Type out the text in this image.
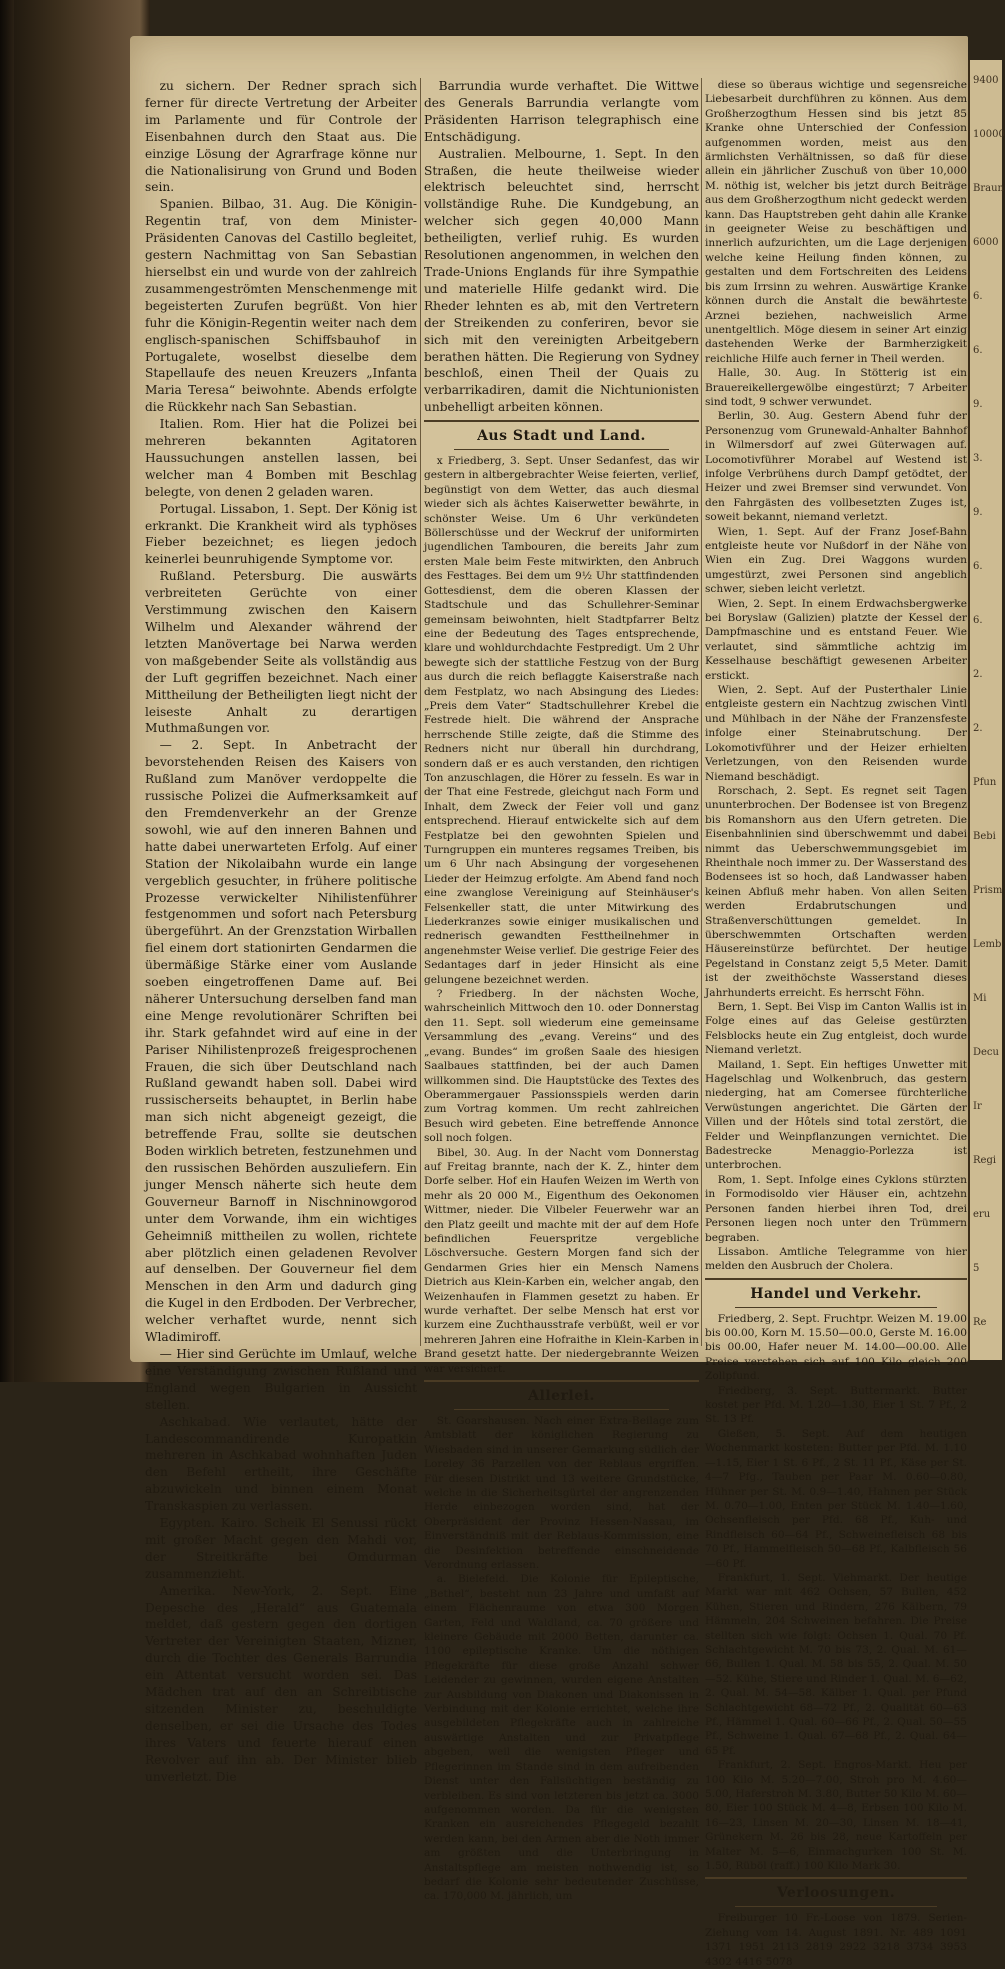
9400
10000
Braun
6000
6.
6.
9.
3.
9.
6.
6.
2.
2.
Pfun
Bebi
Prism
Lemb
Mi
Decu
Ir
Regi
eru
5
Re

zu sichern. Der Redner sprach sich ferner für directe Vertretung der Arbeiter im Parlamente und für Controle der Eisenbahnen durch den Staat aus. Die einzige Lösung der Agrarfrage könne nur die Nationalisirung von Grund und Boden sein.

Spanien. Bilbao, 31. Aug. Die Königin-Regentin traf, von dem Minister-Präsidenten Canovas del Castillo begleitet, gestern Nachmittag von San Sebastian hierselbst ein und wurde von der zahlreich zusammengeströmten Menschenmenge mit begeisterten Zurufen begrüßt. Von hier fuhr die Königin-Regentin weiter nach dem englisch-spanischen Schiffsbauhof in Portugalete, woselbst dieselbe dem Stapellaufe des neuen Kreuzers „Infanta Maria Teresa“ beiwohnte. Abends erfolgte die Rückkehr nach San Sebastian.

Italien. Rom. Hier hat die Polizei bei mehreren bekannten Agitatoren Haussuchungen anstellen lassen, bei welcher man 4 Bomben mit Beschlag belegte, von denen 2 geladen waren.

Portugal. Lissabon, 1. Sept. Der König ist erkrankt. Die Krankheit wird als typhöses Fieber bezeichnet; es liegen jedoch keinerlei beunruhigende Symptome vor.

Rußland. Petersburg. Die auswärts verbreiteten Gerüchte von einer Verstimmung zwischen den Kaisern Wilhelm und Alexander während der letzten Manövertage bei Narwa werden von maßgebender Seite als vollständig aus der Luft gegriffen bezeichnet. Nach einer Mittheilung der Betheiligten liegt nicht der leiseste Anhalt zu derartigen Muthmaßungen vor.

— 2. Sept. In Anbetracht der bevorstehenden Reisen des Kaisers von Rußland zum Manöver verdoppelte die russische Polizei die Aufmerksamkeit auf den Fremdenverkehr an der Grenze sowohl, wie auf den inneren Bahnen und hatte dabei unerwarteten Erfolg. Auf einer Station der Nikolaibahn wurde ein lange vergeblich gesuchter, in frühere politische Prozesse verwickelter Nihilistenführer festgenommen und sofort nach Petersburg übergeführt. An der Grenzstation Wirballen fiel einem dort stationirten Gendarmen die übermäßige Stärke einer vom Auslande soeben eingetroffenen Dame auf. Bei näherer Untersuchung derselben fand man eine Menge revolutionärer Schriften bei ihr. Stark gefahndet wird auf eine in der Pariser Nihilistenprozeß freigesprochenen Frauen, die sich über Deutschland nach Rußland gewandt haben soll. Dabei wird russischerseits behauptet, in Berlin habe man sich nicht abgeneigt gezeigt, die betreffende Frau, sollte sie deutschen Boden wirklich betreten, festzunehmen und den russischen Behörden auszuliefern. Ein junger Mensch näherte sich heute dem Gouverneur Barnoff in Nischninowgorod unter dem Vorwande, ihm ein wichtiges Geheimniß mittheilen zu wollen, richtete aber plötzlich einen geladenen Revolver auf denselben. Der Gouverneur fiel dem Menschen in den Arm und dadurch ging die Kugel in den Erdboden. Der Verbrecher, welcher verhaftet wurde, nennt sich Wladimiroff.

— Hier sind Gerüchte im Umlauf, welche eine Verständigung zwischen Rußland und England wegen Bulgarien in Aussicht stellen.

Aschkabad. Wie verlautet, hätte der Landescommandirende Kuropatkin mehreren in Aschkabad wohnhaften Juden den Befehl ertheilt, ihre Geschäfte abzuwickeln und binnen einem Monat Transkaspien zu verlassen.

Egypten. Kairo. Scheik El Senussi rückt mit großer Macht gegen den Mahdi vor, der Streitkräfte bei Omdurman zusammenzieht.

Amerika. New-York, 2. Sept. Eine Depesche des „Herald“ aus Guatemala meldet, daß gestern gegen den dortigen Vertreter der Vereinigten Staaten, Mizner, durch die Tochter des Generals Barrundia ein Attentat versucht worden sei. Das Mädchen trat auf den an Schreibtische sitzenden Minister zu, beschuldigte denselben, er sei die Ursache des Todes ihres Vaters und feuerte hierauf einen Revolver auf ihn ab. Der Minister blieb unverletzt. Die

Barrundia wurde verhaftet. Die Wittwe des Generals Barrundia verlangte vom Präsidenten Harrison telegraphisch eine Entschädigung.

Australien. Melbourne, 1. Sept. In den Straßen, die heute theilweise wieder elektrisch beleuchtet sind, herrscht vollständige Ruhe. Die Kundgebung, an welcher sich gegen 40,000 Mann betheiligten, verlief ruhig. Es wurden Resolutionen angenommen, in welchen den Trade-Unions Englands für ihre Sympathie und materielle Hilfe gedankt wird. Die Rheder lehnten es ab, mit den Vertretern der Streikenden zu conferiren, bevor sie sich mit den vereinigten Arbeitgebern berathen hätten. Die Regierung von Sydney beschloß, einen Theil der Quais zu verbarrikadiren, damit die Nichtunionisten unbehelligt arbeiten können.

Aus Stadt und Land.

x Friedberg, 3. Sept. Unser Sedanfest, das wir gestern in altbergebrachter Weise feierten, verlief, begünstigt von dem Wetter, das auch diesmal wieder sich als ächtes Kaiserwetter bewährte, in schönster Weise. Um 6 Uhr verkündeten Böllerschüsse und der Weckruf der uniformirten jugendlichen Tambouren, die bereits Jahr zum ersten Male beim Feste mitwirkten, den Anbruch des Festtages. Bei dem um 9½ Uhr stattfindenden Gottesdienst, dem die oberen Klassen der Stadtschule und das Schullehrer-Seminar gemeinsam beiwohnten, hielt Stadtpfarrer Beltz eine der Bedeutung des Tages entsprechende, klare und wohldurchdachte Festpredigt. Um 2 Uhr bewegte sich der stattliche Festzug von der Burg aus durch die reich beflaggte Kaiserstraße nach dem Festplatz, wo nach Absingung des Liedes: „Preis dem Vater“ Stadtschullehrer Krebel die Festrede hielt. Die während der Ansprache herrschende Stille zeigte, daß die Stimme des Redners nicht nur überall hin durchdrang, sondern daß er es auch verstanden, den richtigen Ton anzuschlagen, die Hörer zu fesseln. Es war in der That eine Festrede, gleichgut nach Form und Inhalt, dem Zweck der Feier voll und ganz entsprechend. Hierauf entwickelte sich auf dem Festplatze bei den gewohnten Spielen und Turngruppen ein munteres regsames Treiben, bis um 6 Uhr nach Absingung der vorgesehenen Lieder der Heimzug erfolgte. Am Abend fand noch eine zwanglose Vereinigung auf Steinhäuser's Felsenkeller statt, die unter Mitwirkung des Liederkranzes sowie einiger musikalischen und rednerisch gewandten Festtheilnehmer in angenehmster Weise verlief. Die gestrige Feier des Sedantages darf in jeder Hinsicht als eine gelungene bezeichnet werden.

? Friedberg. In der nächsten Woche, wahrscheinlich Mittwoch den 10. oder Donnerstag den 11. Sept. soll wiederum eine gemeinsame Versammlung des „evang. Vereins“ und des „evang. Bundes“ im großen Saale des hiesigen Saalbaues stattfinden, bei der auch Damen willkommen sind. Die Hauptstücke des Textes des Oberammergauer Passionsspiels werden darin zum Vortrag kommen. Um recht zahlreichen Besuch wird gebeten. Eine betreffende Annonce soll noch folgen.

Bibel, 30. Aug. In der Nacht vom Donnerstag auf Freitag brannte, nach der K. Z., hinter dem Dorfe selber. Hof ein Haufen Weizen im Werth von mehr als 20 000 M., Eigenthum des Oekonomen Wittmer, nieder. Die Vilbeler Feuerwehr war an den Platz geeilt und machte mit der auf dem Hofe befindlichen Feuerspritze vergebliche Löschversuche. Gestern Morgen fand sich der Gendarmen Gries hier ein Mensch Namens Dietrich aus Klein-Karben ein, welcher angab, den Weizenhaufen in Flammen gesetzt zu haben. Er wurde verhaftet. Der selbe Mensch hat erst vor kurzem eine Zuchthausstrafe verbüßt, weil er vor mehreren Jahren eine Hofraithe in Klein-Karben in Brand gesetzt hatte. Der niedergebrannte Weizen war versichert.

Allerlei.

St. Goarshausen. Nach einer Extra-Beilage zum Amtsblatt der königlichen Regierung zu Wiesbaden sind in unserer Gemarkung südlich der Loreley 36 Parzellen von der Reblaus ergriffen. Für diesen Distrikt und 13 weitere Grundstücke, welche in die Sicherheitsgürtel der angrenzenden Herde einbezogen worden sind, hat der Oberpräsident der Provinz Hessen-Nassau, im Einverständniß mit der Reblaus-Kommission, eine die Desinfektion betreffende einschneidende Verordnung erlassen.

a. Bielefeld. Die Kolonie für Epileptische, „Bethel“, besteht nun 23 Jahre und umfaßt auf einem Flächenraume von etwa 300 Morgen Garten, Feld und Waldland, ca. 70 größere und kleinere Gebäude mit 2000 Betten, darunter ca. 1100 epileptische Kranke. Um die nöthigen Pflegekräfte für diese große Anzahl schwer Leidender zu gewinnen, wurden eigene Anstalten zur Ausbildung von Diakonen und Diakonissen in Verbindung mit der Kolonie errichtet, welche ihre ausgebildeten Pflegekräfte auch in zahlreiche auswärtige Anstalten und zur Privatpflege abgeben, weil die wenigsten Pfleger und Pflegerinnen im Stande sind in dem aufreibenden Dienst unter den Fallsüchtigen beständig zu verbleiben. Es sind von letzteren bis jetzt ca. 3000 aufgenommen worden. Da für die wenigsten Kranken ein ausreichendes Pflegegeld bezahlt werden kann, bei den Armen aber die Noth immer am größten und die Unterbringung in Anstaltspflege am meisten nothwendig ist, so bedarf die Kolonie sehr bedeutender Zuschüsse, ca. 170,000 M. jährlich, um

diese so überaus wichtige und segensreiche Liebesarbeit durchführen zu können. Aus dem Großherzogthum Hessen sind bis jetzt 85 Kranke ohne Unterschied der Confession aufgenommen worden, meist aus den ärmlichsten Verhältnissen, so daß für diese allein ein jährlicher Zuschuß von über 10,000 M. nöthig ist, welcher bis jetzt durch Beiträge aus dem Großherzogthum nicht gedeckt werden kann. Das Hauptstreben geht dahin alle Kranke in geeigneter Weise zu beschäftigen und innerlich aufzurichten, um die Lage derjenigen welche keine Heilung finden können, zu gestalten und dem Fortschreiten des Leidens bis zum Irrsinn zu wehren. Auswärtige Kranke können durch die Anstalt die bewährteste Arznei beziehen, nachweislich Arme unentgeltlich. Möge diesem in seiner Art einzig dastehenden Werke der Barmherzigkeit reichliche Hilfe auch ferner in Theil werden.

Halle, 30. Aug. In Stötterig ist ein Brauereikellergewölbe eingestürzt; 7 Arbeiter sind todt, 9 schwer verwundet.

Berlin, 30. Aug. Gestern Abend fuhr der Personenzug vom Grunewald-Anhalter Bahnhof in Wilmersdorf auf zwei Güterwagen auf. Locomotivführer Morabel auf Westend ist infolge Verbrühens durch Dampf getödtet, der Heizer und zwei Bremser sind verwundet. Von den Fahrgästen des vollbesetzten Zuges ist, soweit bekannt, niemand verletzt.

Wien, 1. Sept. Auf der Franz Josef-Bahn entgleiste heute vor Nußdorf in der Nähe von Wien ein Zug. Drei Waggons wurden umgestürzt, zwei Personen sind angeblich schwer, sieben leicht verletzt.

Wien, 2. Sept. In einem Erdwachsbergwerke bei Boryslaw (Galizien) platzte der Kessel der Dampfmaschine und es entstand Feuer. Wie verlautet, sind sämmtliche achtzig im Kesselhause beschäftigt gewesenen Arbeiter erstickt.

Wien, 2. Sept. Auf der Pusterthaler Linie entgleiste gestern ein Nachtzug zwischen Vintl und Mühlbach in der Nähe der Franzensfeste infolge einer Steinabrutschung. Der Lokomotivführer und der Heizer erhielten Verletzungen, von den Reisenden wurde Niemand beschädigt.

Rorschach, 2. Sept. Es regnet seit Tagen ununterbrochen. Der Bodensee ist von Bregenz bis Romanshorn aus den Ufern getreten. Die Eisenbahnlinien sind überschwemmt und dabei nimmt das Ueberschwemmungsgebiet im Rheinthale noch immer zu. Der Wasserstand des Bodensees ist so hoch, daß Landwasser haben keinen Abfluß mehr haben. Von allen Seiten werden Erdabrutschungen und Straßenverschüttungen gemeldet. In überschwemmten Ortschaften werden Häusereinstürze befürchtet. Der heutige Pegelstand in Constanz zeigt 5,5 Meter. Damit ist der zweithöchste Wasserstand dieses Jahrhunderts erreicht. Es herrscht Föhn.

Bern, 1. Sept. Bei Visp im Canton Wallis ist in Folge eines auf das Geleise gestürzten Felsblocks heute ein Zug entgleist, doch wurde Niemand verletzt.

Mailand, 1. Sept. Ein heftiges Unwetter mit Hagelschlag und Wolkenbruch, das gestern niederging, hat am Comersee fürchterliche Verwüstungen angerichtet. Die Gärten der Villen und der Hôtels sind total zerstört, die Felder und Weinpflanzungen vernichtet. Die Badestrecke Menaggio-Porlezza ist unterbrochen.

Rom, 1. Sept. Infolge eines Cyklons stürzten in Formodisoldo vier Häuser ein, achtzehn Personen fanden hierbei ihren Tod, drei Personen liegen noch unter den Trümmern begraben.

Lissabon. Amtliche Telegramme von hier melden den Ausbruch der Cholera.

Handel und Verkehr.

Friedberg, 2. Sept. Fruchtpr. Weizen M. 19.00 bis 00.00, Korn M. 15.50—00.0, Gerste M. 16.00 bis 00.00, Hafer neuer M. 14.00—00.00. Alle Preise verstehen sich auf 100 Kilo gleich 200 Zollpfund.

Friedberg, 3. Sept. Buttermarkt. Butter kostet per Pfd. M. 1.20—1.30, Eier 1 St. 7 Pf., 2 St. 13 Pf.

Gießen, 5. Sept. Auf dem heutigen Wochenmarkt kosteten: Butter per Pfd. M. 1.10—1.15, Eier 1 St. 6 Pf., 2 St. 11 Pf., Käse per St. 4—7 Pfg., Tauben per Paar M. 0.60—0.80, Hühner per St. M. 0.9—1.40, Hahnen per Stück M. 0.70—1.00, Enten per Stück M. 1.40—1.60, Ochsenfleisch per Pfd. 68 Pf., Kuh- und Rindfleisch 60—64 Pf., Schweinefleisch 68 bis 70 Pf., Hammelfleisch 50—68 Pf., Kalbfleisch 56—60 Pf.

Frankfurt, 1. Sept. Viehmarkt. Der heutige Markt war mit 462 Ochsen, 57 Bullen, 452 Kühen, Stieren und Rindern, 276 Kälbern, 79 Hämmeln, 204 Schweinen befahren. Die Preise stellten sich wie folgt: Ochsen 1. Qual. 70 Pf. Schlachtgewicht M. 70 bis 73, 2. Qual. M. 61—66, Bullen 1. Qual. M. 58 bis 55, 2. Qual. M. 50—52. Kühe, Stiere und Rinder 1. Qual. M. 6—62, 2. Qual. M. 54—58. Kälber 1. Qual. per Pfund Schlachtgewicht 68—72 Pf., 2. Qualität 60—63 Pf., Hämmel 1. Qual. 60—66 Pf., 2. Qual. 50—55 Pf., Schweine 1. Qual. 67—68 Pf., 2. Qual. 64—65 Pf.

Frankfurt, 2. Sept. Engros-Markt. Heu per 100 Kilo M. 5.20—7.00, Stroh pro M. 4.60—5.00, Haferstroh M. 3.80, Butter 50 Kilo M. 60—80, Eier 100 Stück M. 4—8, Erbsen 100 Kilo M. 16—23, Linsen M. 20—30, Linsen M. 18—41, Grünekern M. 26 bis 28, neue Kartoffeln per Malter M. 5—6, Einmachgurken 100 St. M. 1.50, Rüböl (raff.) 100 Kilo Mark 30.

Verloosungen.

Freiburger 10 Fr.-Loose von 1879. Serien-Ziehung vom 14. August 1891. Nr. 489 1091 1371 1951 2113 2819 2922 3218 3734 3953 4302 4416 5078
